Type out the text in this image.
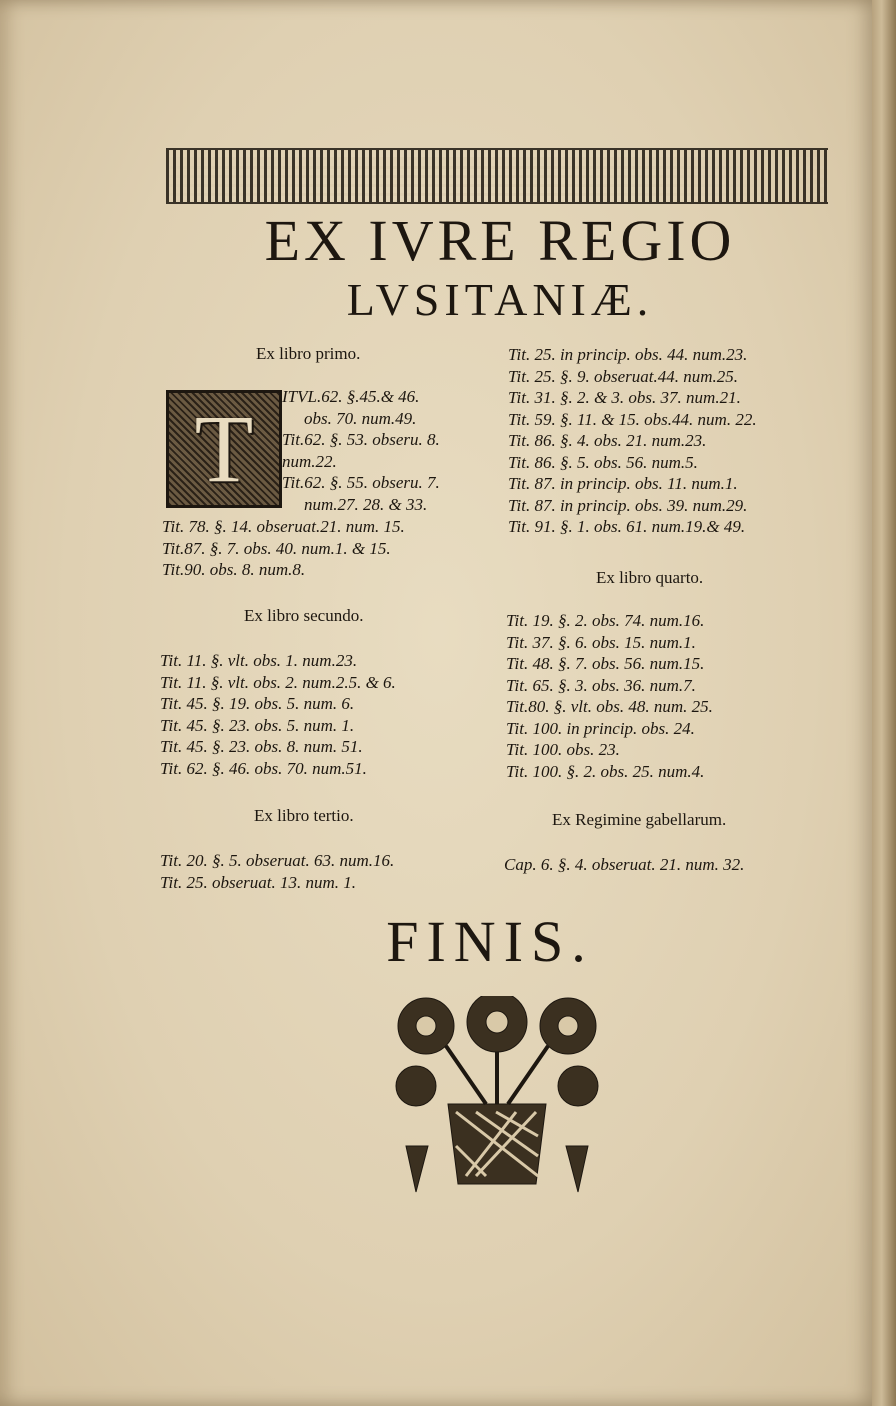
EX IVRE REGIO
LVSITANIÆ.
Ex libro primo.
T	ITVL.62. §.45.& 46.
obs. 70. num.49.
Tit.62. §. 53. obseru. 8.
num.22.
Tit.62. §. 55. obseru. 7.
num.27. 28. & 33.
Tit. 78. §. 14. obseruat.21. num. 15.
Tit.87. §. 7. obs. 40. num.1. & 15.
Tit.90. obs. 8. num.8.
Ex libro secundo.
Tit. 11. §. vlt. obs. 1. num.23.
Tit. 11. §. vlt. obs. 2. num.2.5. & 6.
Tit. 45. §. 19. obs. 5. num. 6.
Tit. 45. §. 23. obs. 5. num. 1.
Tit. 45. §. 23. obs. 8. num. 51.
Tit. 62. §. 46. obs. 70. num.51.
Ex libro tertio.
Tit. 20. §. 5. obseruat. 63. num.16.
Tit. 25. obseruat. 13. num. 1.
Tit. 25. in princip. obs. 44. num.23.
Tit. 25. §. 9. obseruat.44. num.25.
Tit. 31. §. 2. & 3. obs. 37. num.21.
Tit. 59. §. 11. & 15. obs.44. num. 22.
Tit. 86. §. 4. obs. 21. num.23.
Tit. 86. §. 5. obs. 56. num.5.
Tit. 87. in princip. obs. 11. num.1.
Tit. 87. in princip. obs. 39. num.29.
Tit. 91. §. 1. obs. 61. num.19.& 49.
Ex libro quarto.
Tit. 19. §. 2. obs. 74. num.16.
Tit. 37. §. 6. obs. 15. num.1.
Tit. 48. §. 7. obs. 56. num.15.
Tit. 65. §. 3. obs. 36. num.7.
Tit.80. §. vlt. obs. 48. num. 25.
Tit. 100. in princip. obs. 24.
Tit. 100. obs. 23.
Tit. 100. §. 2. obs. 25. num.4.
Ex Regimine gabellarum.
Cap. 6. §. 4. obseruat. 21. num. 32.
FINIS.
